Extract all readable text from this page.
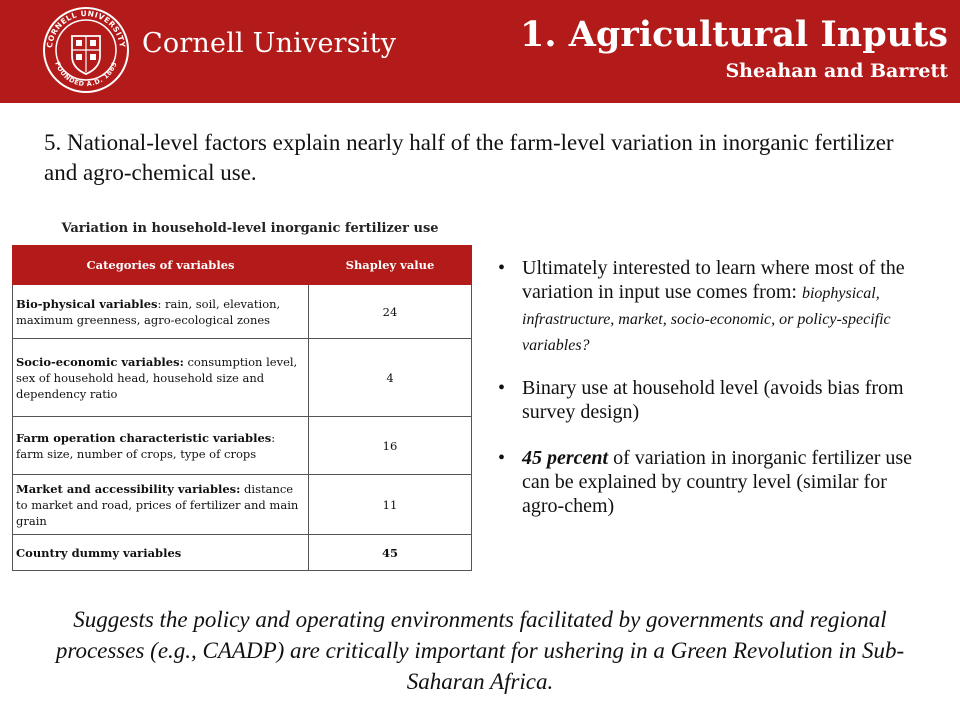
CORNELL UNIVERSITY
FOUNDED A.D. 1865
Cornell University	1. Agricultural Inputs
Sheahan and Barrett
5. National-level factors explain nearly half of the farm-level variation in inorganic fertilizer and agro-chemical use.
Variation in household-level inorganic fertilizer use
Categories of variables	Shapley value
Bio-physical variables: rain, soil, elevation, maximum greenness, agro-ecological zones	24
Socio-economic variables: consumption level, sex of household head, household size and dependency ratio	4
Farm operation characteristic variables: farm size, number of crops, type of crops	16
Market and accessibility variables: distance to market and road, prices of fertilizer and main grain	11
Country dummy variables	45
• Ultimately interested to learn where most of the variation in input use comes from: biophysical, infrastructure, market, socio-economic, or policy-specific variables?
• Binary use at household level (avoids bias from survey design)
• 45 percent of variation in inorganic fertilizer use can be explained by country level (similar for agro-chem)
Suggests the policy and operating environments facilitated by governments and regional processes (e.g., CAADP) are critically important for ushering in a Green Revolution in Sub-Saharan Africa.
